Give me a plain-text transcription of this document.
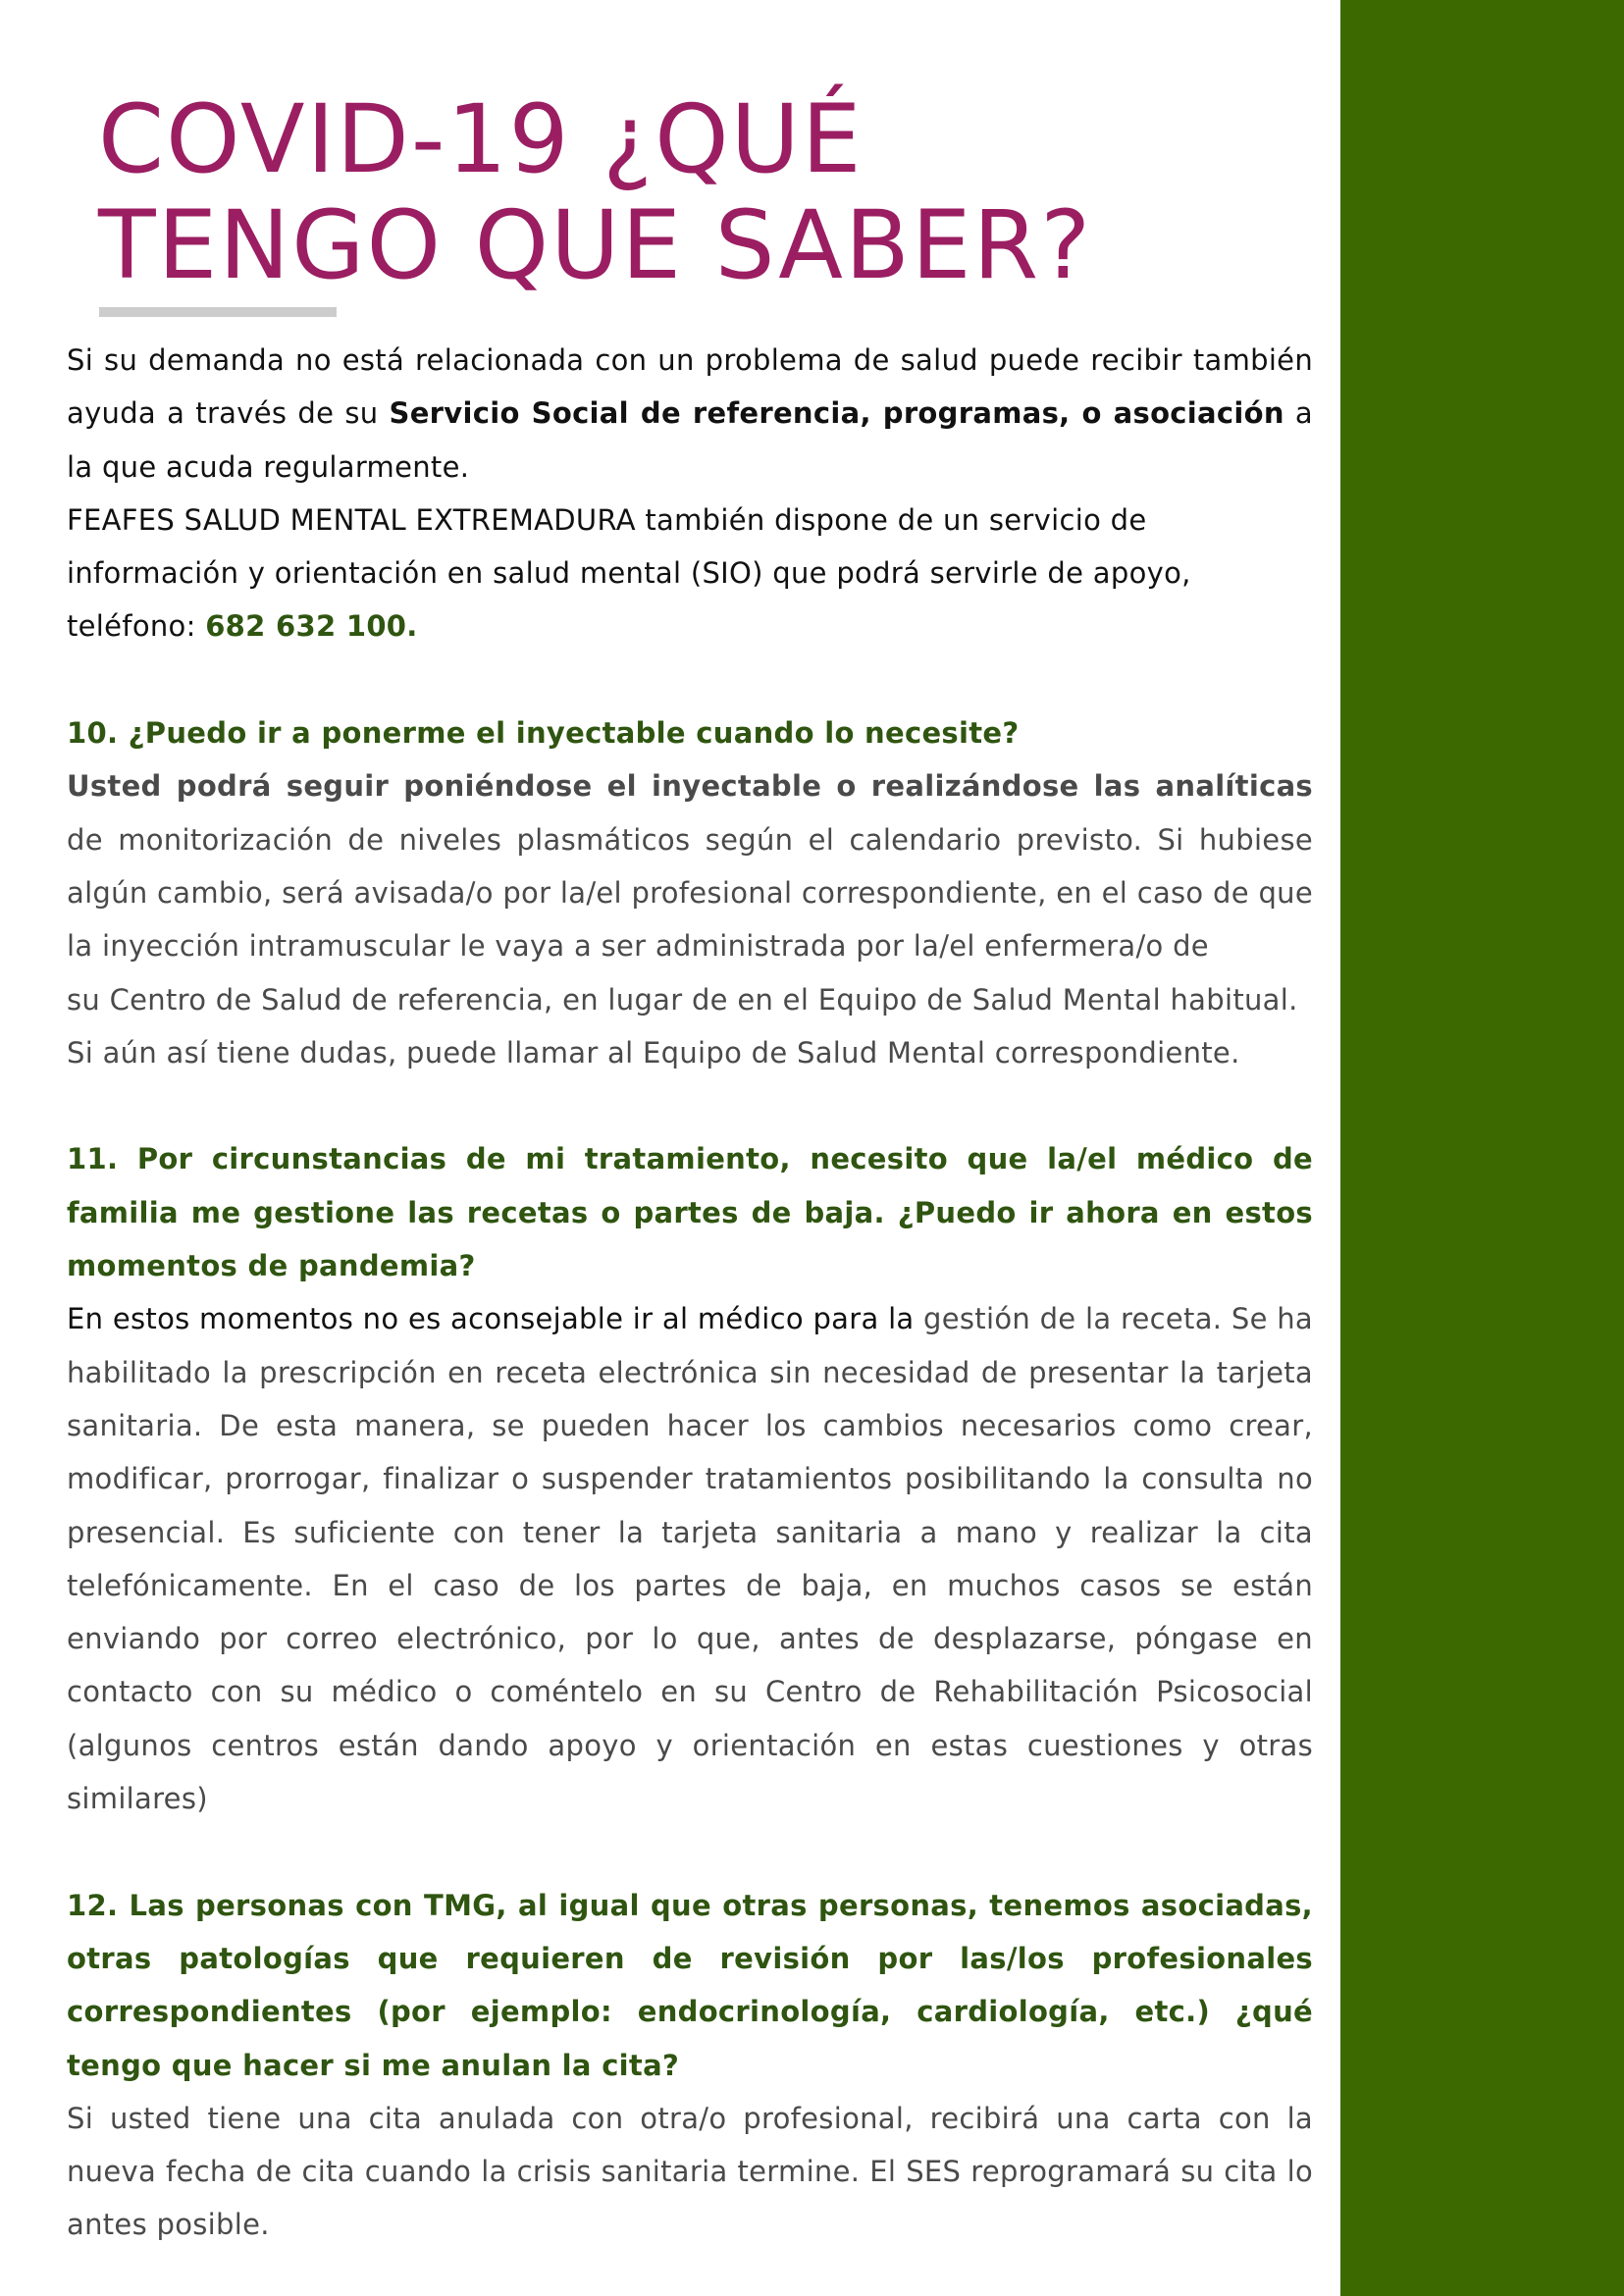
COVID-19 ¿QUÉ
TENGO QUE SABER?

Si su demanda no está relacionada con un problema de salud puede recibir también ayuda a través de su Servicio Social de referencia, programas, o asociación a la que acuda regularmente.

FEAFES SALUD MENTAL EXTREMADURA también dispone de un servicio de información y orientación en salud mental (SIO) que podrá servirle de apoyo, teléfono: 682 632 100.

10. ¿Puedo ir a ponerme el inyectable cuando lo necesite?

Usted podrá seguir poniéndose el inyectable o realizándose las analíticas de monitorización de niveles plasmáticos según el calendario previsto. Si hubiese algún cambio, será avisada/o por la/el profesional correspondiente, en el caso de que la inyección intramuscular le vaya a ser administrada por la/el enfermera/o de

su Centro de Salud de referencia, en lugar de en el Equipo de Salud Mental habitual.

Si aún así tiene dudas, puede llamar al Equipo de Salud Mental correspondiente.

11. Por circunstancias de mi tratamiento, necesito que la/el médico de familia me gestione las recetas o partes de baja. ¿Puedo ir ahora en estos momentos de pandemia?

En estos momentos no es aconsejable ir al médico para la gestión de la receta. Se ha habilitado la prescripción en receta electrónica sin necesidad de presentar la tarjeta sanitaria. De esta manera, se pueden hacer los cambios necesarios como crear, modificar, prorrogar, finalizar o suspender tratamientos posibilitando la consulta no presencial. Es suficiente con tener la tarjeta sanitaria a mano y realizar la cita telefónicamente. En el caso de los partes de baja, en muchos casos se están enviando por correo electrónico, por lo que, antes de desplazarse, póngase en contacto con su médico o coméntelo en su Centro de Rehabilitación Psicosocial (algunos centros están dando apoyo y orientación en estas cuestiones y otras similares)

12. Las personas con TMG, al igual que otras personas, tenemos asociadas, otras patologías que requieren de revisión por las/los profesionales correspondientes (por ejemplo: endocrinología, cardiología, etc.) ¿qué tengo que hacer si me anulan la cita?

Si usted tiene una cita anulada con otra/o profesional, recibirá una carta con la nueva fecha de cita cuando la crisis sanitaria termine. El SES reprogramará su cita lo antes posible.
